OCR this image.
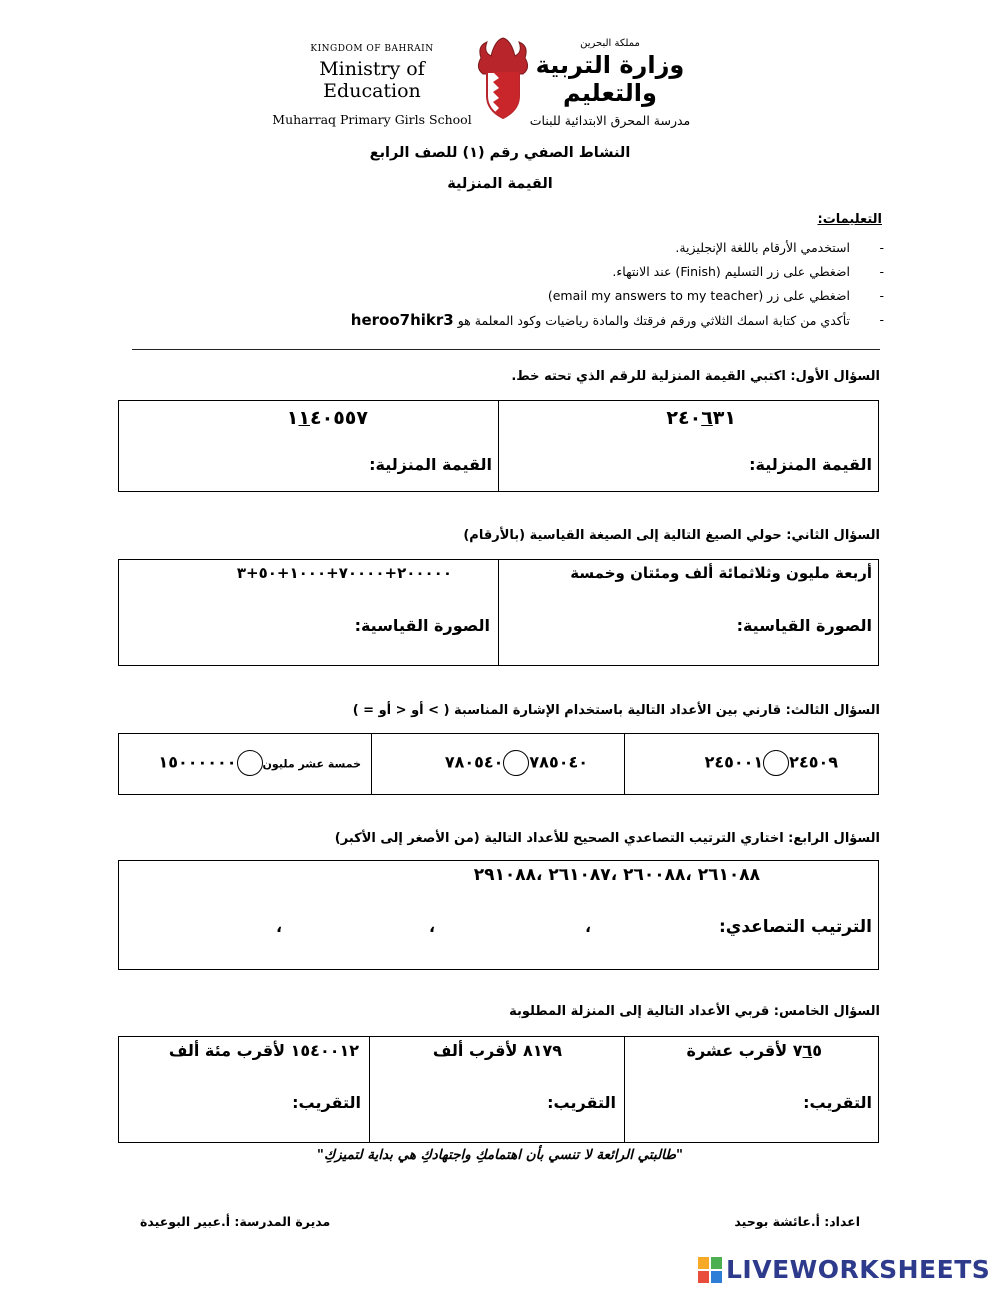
KINGDOM OF BAHRAIN
Ministry of Education
Muharraq Primary Girls School
مملكة البحرين
وزارة التربية والتعليم
مدرسة المحرق الابتدائية للبنات
النشاط الصفي رقم (١) للصف الرابع
القيمة المنزلية
التعليمات:
-
استخدمي الأرقام باللغة الإنجليزية.
-
اضغطي على زر التسليم (Finish) عند الانتهاء.
-
اضغطي على زر (email my answers to my teacher)
-
تأكدي من كتابة اسمك الثلاثي ورقم فرقتك والمادة رياضيات وكود المعلمة هو heroo7hikr3
السؤال الأول: اكتبي القيمة المنزلية للرقم الذي تحته خط.
٢٤٠٦٣١
القيمة المنزلية:
١١٤٠٥٥٧
القيمة المنزلية:
السؤال الثاني: حولي الصيغ التالية إلى الصيغة القياسية (بالأرقام)
أربعة مليون وثلاثمائة ألف ومئتان وخمسة
الصورة القياسية:
٢٠٠٠٠٠+٧٠٠٠٠+١٠٠٠+٥٠+٣
الصورة القياسية:
السؤال الثالث: قارني بين الأعداد التالية باستخدام الإشارة المناسبة ( > أو < أو = )
٢٤٥٠٩٢٤٥٠٠١
٧٨٥٠٤٠٧٨٠٥٤٠
خمسة عشر مليون١٥٠٠٠٠٠٠
السؤال الرابع: اختاري الترتيب التصاعدي الصحيح للأعداد التالية (من الأصغر إلى الأكبر)
٢٦١٠٨٨ ،٢٦٠٠٨٨ ،٢٦١٠٨٧ ،٢٩١٠٨٨
الترتيب التصاعدي:
،
،
،
السؤال الخامس: قربي الأعداد التالية إلى المنزلة المطلوبة
٧٦٥ لأقرب عشرة
التقريب:
٨١٧٩ لأقرب ألف
التقريب:
١٥٤٠٠١٢ لأقرب مئة ألف
التقريب:
"طالبتي الرائعة لا تنسي بأن اهتمامكِ واجتهادكِ هي بداية لتميزكِ"
اعداد: أ.عائشة بوحيد
مديرة المدرسة: أ.عبير البوعيدة
LIVEWORKSHEETS
